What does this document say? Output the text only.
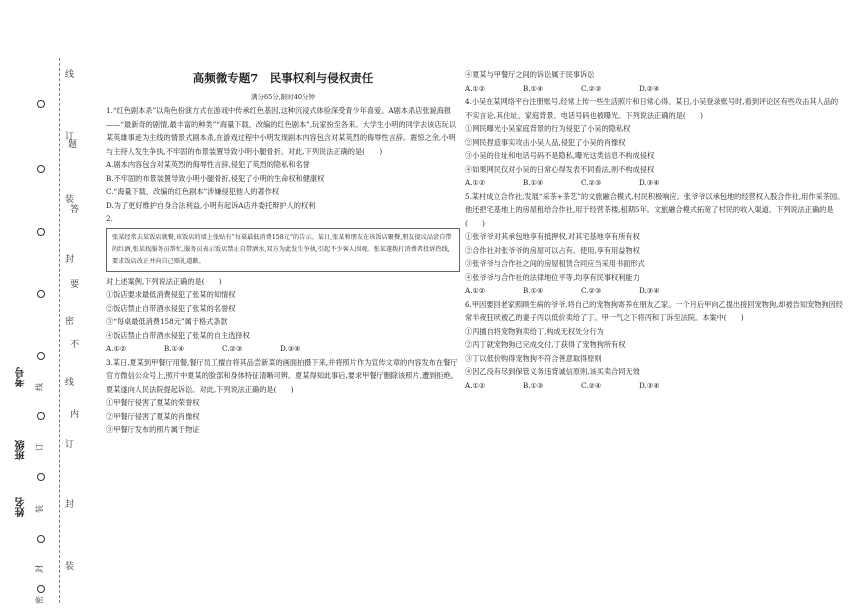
线
订
题
装
答
封
要
密
不
线
内
订
封
装
线
订
装
封
密
考号
班级
姓名
高频微专题7　民事权利与侵权责任
满分65分,限时40分钟

1.“红色剧本杀”以角色扮演方式在游戏中传承红色基因,这种沉浸式体验深受青少年喜爱。A剧本杀店张貌海报——“最新奇的剧情,最丰富的种类”“海量下载、改编的红色剧本”,玩家扮至各来。大学生小明的同学去该店玩以某英雄事迹为主线的情景式剧本杀,在游戏过程中小明发现剧本内容包含对某英烈的侮辱性言辞。震惊之余,小明与主持人发生争执,不牢固的布景装置导致小明小腿骨折。对此,下列说法正确的是(　　)

A.剧本内容包含对某英烈的侮辱性言辞,侵犯了英烈的隐私和名誉

B.不牢固的布景装置导致小明小腿骨折,侵犯了小明的生命权和健康权

C.“海量下载、改编的红色剧本”涉嫌侵犯他人的著作权

D.为了更好维护自身合法利益,小明有起诉A店并委托辩护人的权利

2.

张某经常去某饭店就餐,该饭店的墙上张贴有“每桌最低消费158元”的告示。某日,张某和朋友在该饭店聚餐,朋友提议品尝自带的红酒,张某找服务员帮忙,服务员表示饭店禁止自带酒水,双方为此发生争执,引起不少客人围观。张某遂拨打消费者投诉热线,要求饭店改正并向自己赔礼道歉。

对上述案例,下列说法正确的是(　　)

①饭店要求最低消费侵犯了张某的知情权

②饭店禁止自带酒水侵犯了张某的名誉权

③“每桌最低消费158元”属于格式条款

④饭店禁止自带酒水侵犯了张某的自主选择权

A.①②	B.①④	C.②③	D.③④

3.某日,夏某到甲餐厅用餐,餐厅员工擅自将其品尝新菜的画面拍摄下来,并将照片作为宣传文章的内容发布在餐厅官方微信公众号上,照片中夏某的脸部和身体特征清晰可辨。夏某得知此事后,要求甲餐厅删除该照片,遭到拒绝。夏某遂向人民法院提起诉讼。对此,下列说法正确的是(　　)

①甲餐厅侵害了夏某的荣誉权

②甲餐厅侵害了夏某的肖像权

③甲餐厅发布的照片属于物证

④夏某与甲餐厅之间的诉讼属于民事诉讼

A.①②	B.①④	C.②③	D.②④

4.小吴在某网络平台注册账号,经常上传一些生活照片和日常心得。某日,小吴登录账号时,看到评论区有些攻击其人品的不实言论,其住址、家庭背景、电话号码也被曝光。下列说法正确的是(　　)

①网民曝光小吴家庭背景的行为侵犯了小吴的隐私权

②网民捏造事实攻击小吴人品,侵犯了小吴的肖像权

③小吴的住址和电话号码不是隐私,曝光这类信息不构成侵权

④如果网民仅对小吴的日常心得发表不同看法,则不构成侵权

A.①②	B.①④	C.②③	D.③④

5.某村成立合作社,发展“采茶+茶艺”的文旅融合模式,村民积极响应。张爷爷以承包地的经营权入股合作社,用作采茶园。他还把宅基地上的房屋租给合作社,用于经营茶楼,租期5年。文旅融合模式拓宽了村民的收入渠道。下列说法正确的是(　　)

①张爷爷对其承包地享有抵押权,对其宅基地享有所有权

②合作社对张爷爷的房屋可以占有、使用,享有用益物权

③张爷爷与合作社之间的房屋租赁合同应当采用书面形式

④张爷爷与合作社的法律地位平等,均享有民事权利能力

A.①②	B.①④	C.②③	D.③④

6.甲因要回老家照顾生病的爷爷,将自己的宠物狗寄养在朋友乙家。一个月后甲向乙提出接回宠物狗,却被告知宠物狗因经常半夜狂吠被乙的妻子丙以低价卖给了丁。甲一气之下将丙和丁诉至法院。本案中(　　)

①丙擅自将宠物狗卖给丁,构成无权处分行为

②丙丁就宠物狗已完成交付,丁获得了宠物狗所有权

③丁以低价购得宠物狗不符合善意取得原则

④因乙没有尽到保管义务违背诚信原则,该买卖合同无效

A.①②	B.①③	C.②④	D.③④
